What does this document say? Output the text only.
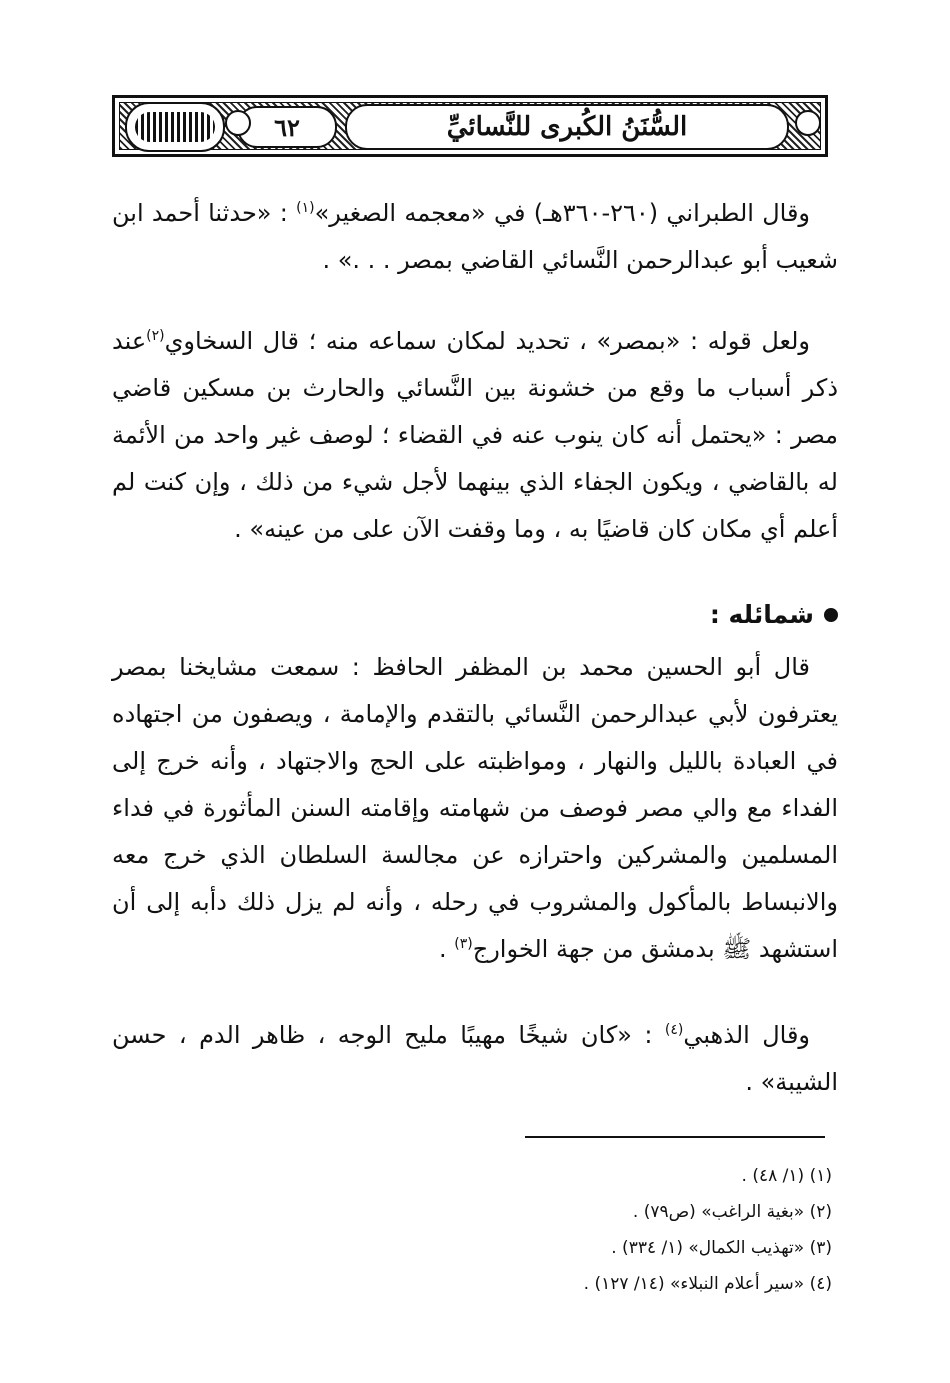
٦٢	السُّنَنُ الكُبرى للنَّسائيِّ

وقال الطبراني (٢٦٠-٣٦٠هـ) في «معجمه الصغير»$^{(١)}$ : «حدثنا أحمد ابن شعيب أبو عبدالرحمن النَّسائي القاضي بمصر . . .» .

ولعل قوله : «بمصر» ، تحديد لمكان سماعه منه ؛ قال السخاوي$^{(٢)}$عند ذكر أسباب ما وقع من خشونة بين النَّسائي والحارث بن مسكين قاضي مصر : «يحتمل أنه كان ينوب عنه في القضاء ؛ لوصف غير واحد من الأئمة له بالقاضي ، ويكون الجفاء الذي بينهما لأجل شيء من ذلك ، وإن كنت لم أعلم أي مكان كان قاضيًا به ، وما وقفت الآن على من عينه» .

شمائله :

قال أبو الحسين محمد بن المظفر الحافظ : سمعت مشايخنا بمصر يعترفون لأبي عبدالرحمن النَّسائي بالتقدم والإمامة ، ويصفون من اجتهاده في العبادة بالليل والنهار ، ومواظبته على الحج والاجتهاد ، وأنه خرج إلى الفداء مع والي مصر فوصف من شهامته وإقامته السنن المأثورة في فداء المسلمين والمشركين واحترازه عن مجالسة السلطان الذي خرج معه والانبساط بالمأكول والمشروب في رحله ، وأنه لم يزل ذلك دأبه إلى أن استشهد ﷺ بدمشق من جهة الخوارج$^{(٣)}$ .

وقال الذهبي$^{(٤)}$ : «كان شيخًا مهيبًا مليح الوجه ، ظاهر الدم ، حسن الشيبة» .

(١) (١/ ٤٨) .
(٢) «بغية الراغب» (ص٧٩) .
(٣) «تهذيب الكمال» (١/ ٣٣٤) .
(٤) «سير أعلام النبلاء» (١٤/ ١٢٧) .
